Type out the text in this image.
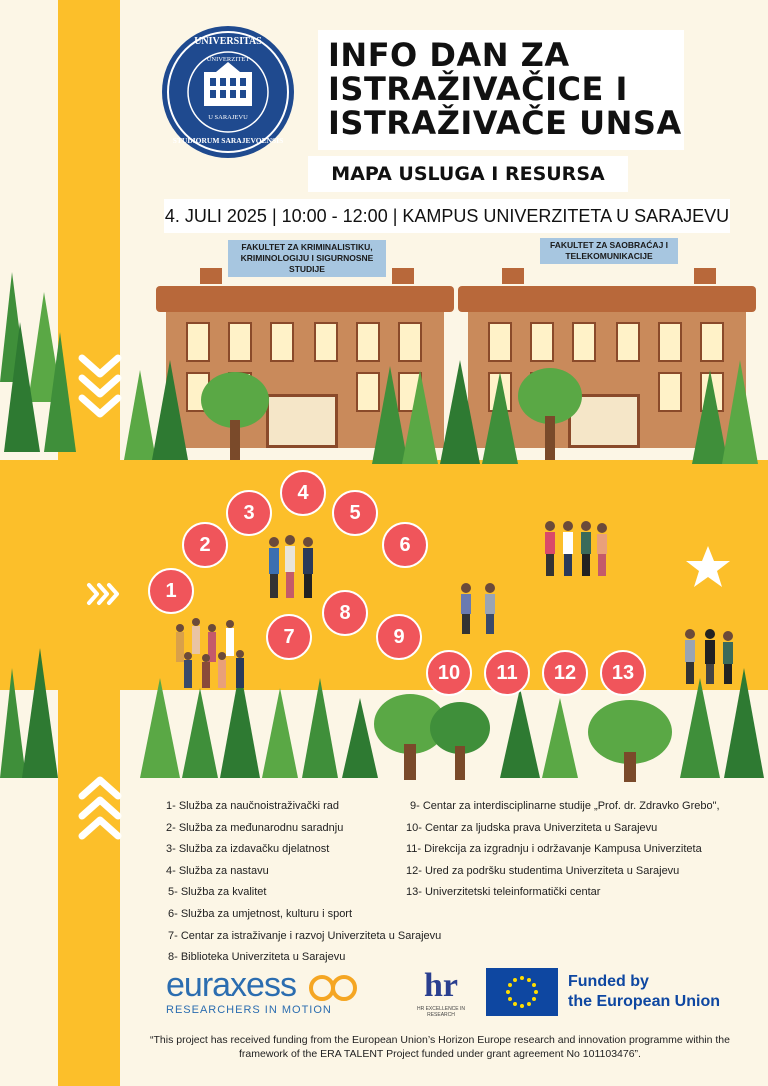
UNIVERSITAS
UNIVERZITET
U SARAJEVU
STUDIORUM SARAJEVOENSIS
INFO DAN ZA
ISTRAŽIVAČICE I
ISTRAŽIVAČE UNSA
MAPA USLUGA I RESURSA
4. JULI 2025 | 10:00 - 12:00 | KAMPUS UNIVERZITETA U SARAJEVU
FAKULTET ZA KRIMINALISTIKU, KRIMINOLOGIJU I SIGURNOSNE STUDIJE
FAKULTET ZA SAOBRAĆAJ I TELEKOMUNIKACIJE
1
2
3
4
5
6
7
8
9
10	11	12	13
1- Služba za naučnoistraživački rad
2- Služba za međunarodnu saradnju
3- Služba za izdavačku djelatnost
4- Služba za nastavu
5- Služba za kvalitet
6- Služba za umjetnost, kulturu i sport
7- Centar za istraživanje i razvoj Univerziteta u Sarajevu
8- Biblioteka Univerziteta u Sarajevu
9- Centar za interdisciplinarne studije „Prof. dr. Zdravko Grebo",
10- Centar za ljudska prava Univerziteta u Sarajevu
11- Direkcija za izgradnju i održavanje Kampusa Univerziteta
12- Ured za podršku studentima Univerziteta u Sarajevu
13- Univerzitetski teleinformatički centar
euraxess
RESEARCHERS IN MOTION
hr
HR EXCELLENCE IN RESEARCH
Funded by
the European Union
“This project has received funding from the European Union’s Horizon Europe research and innovation programme within the framework of the ERA TALENT Project funded under grant agreement No 101103476”.
